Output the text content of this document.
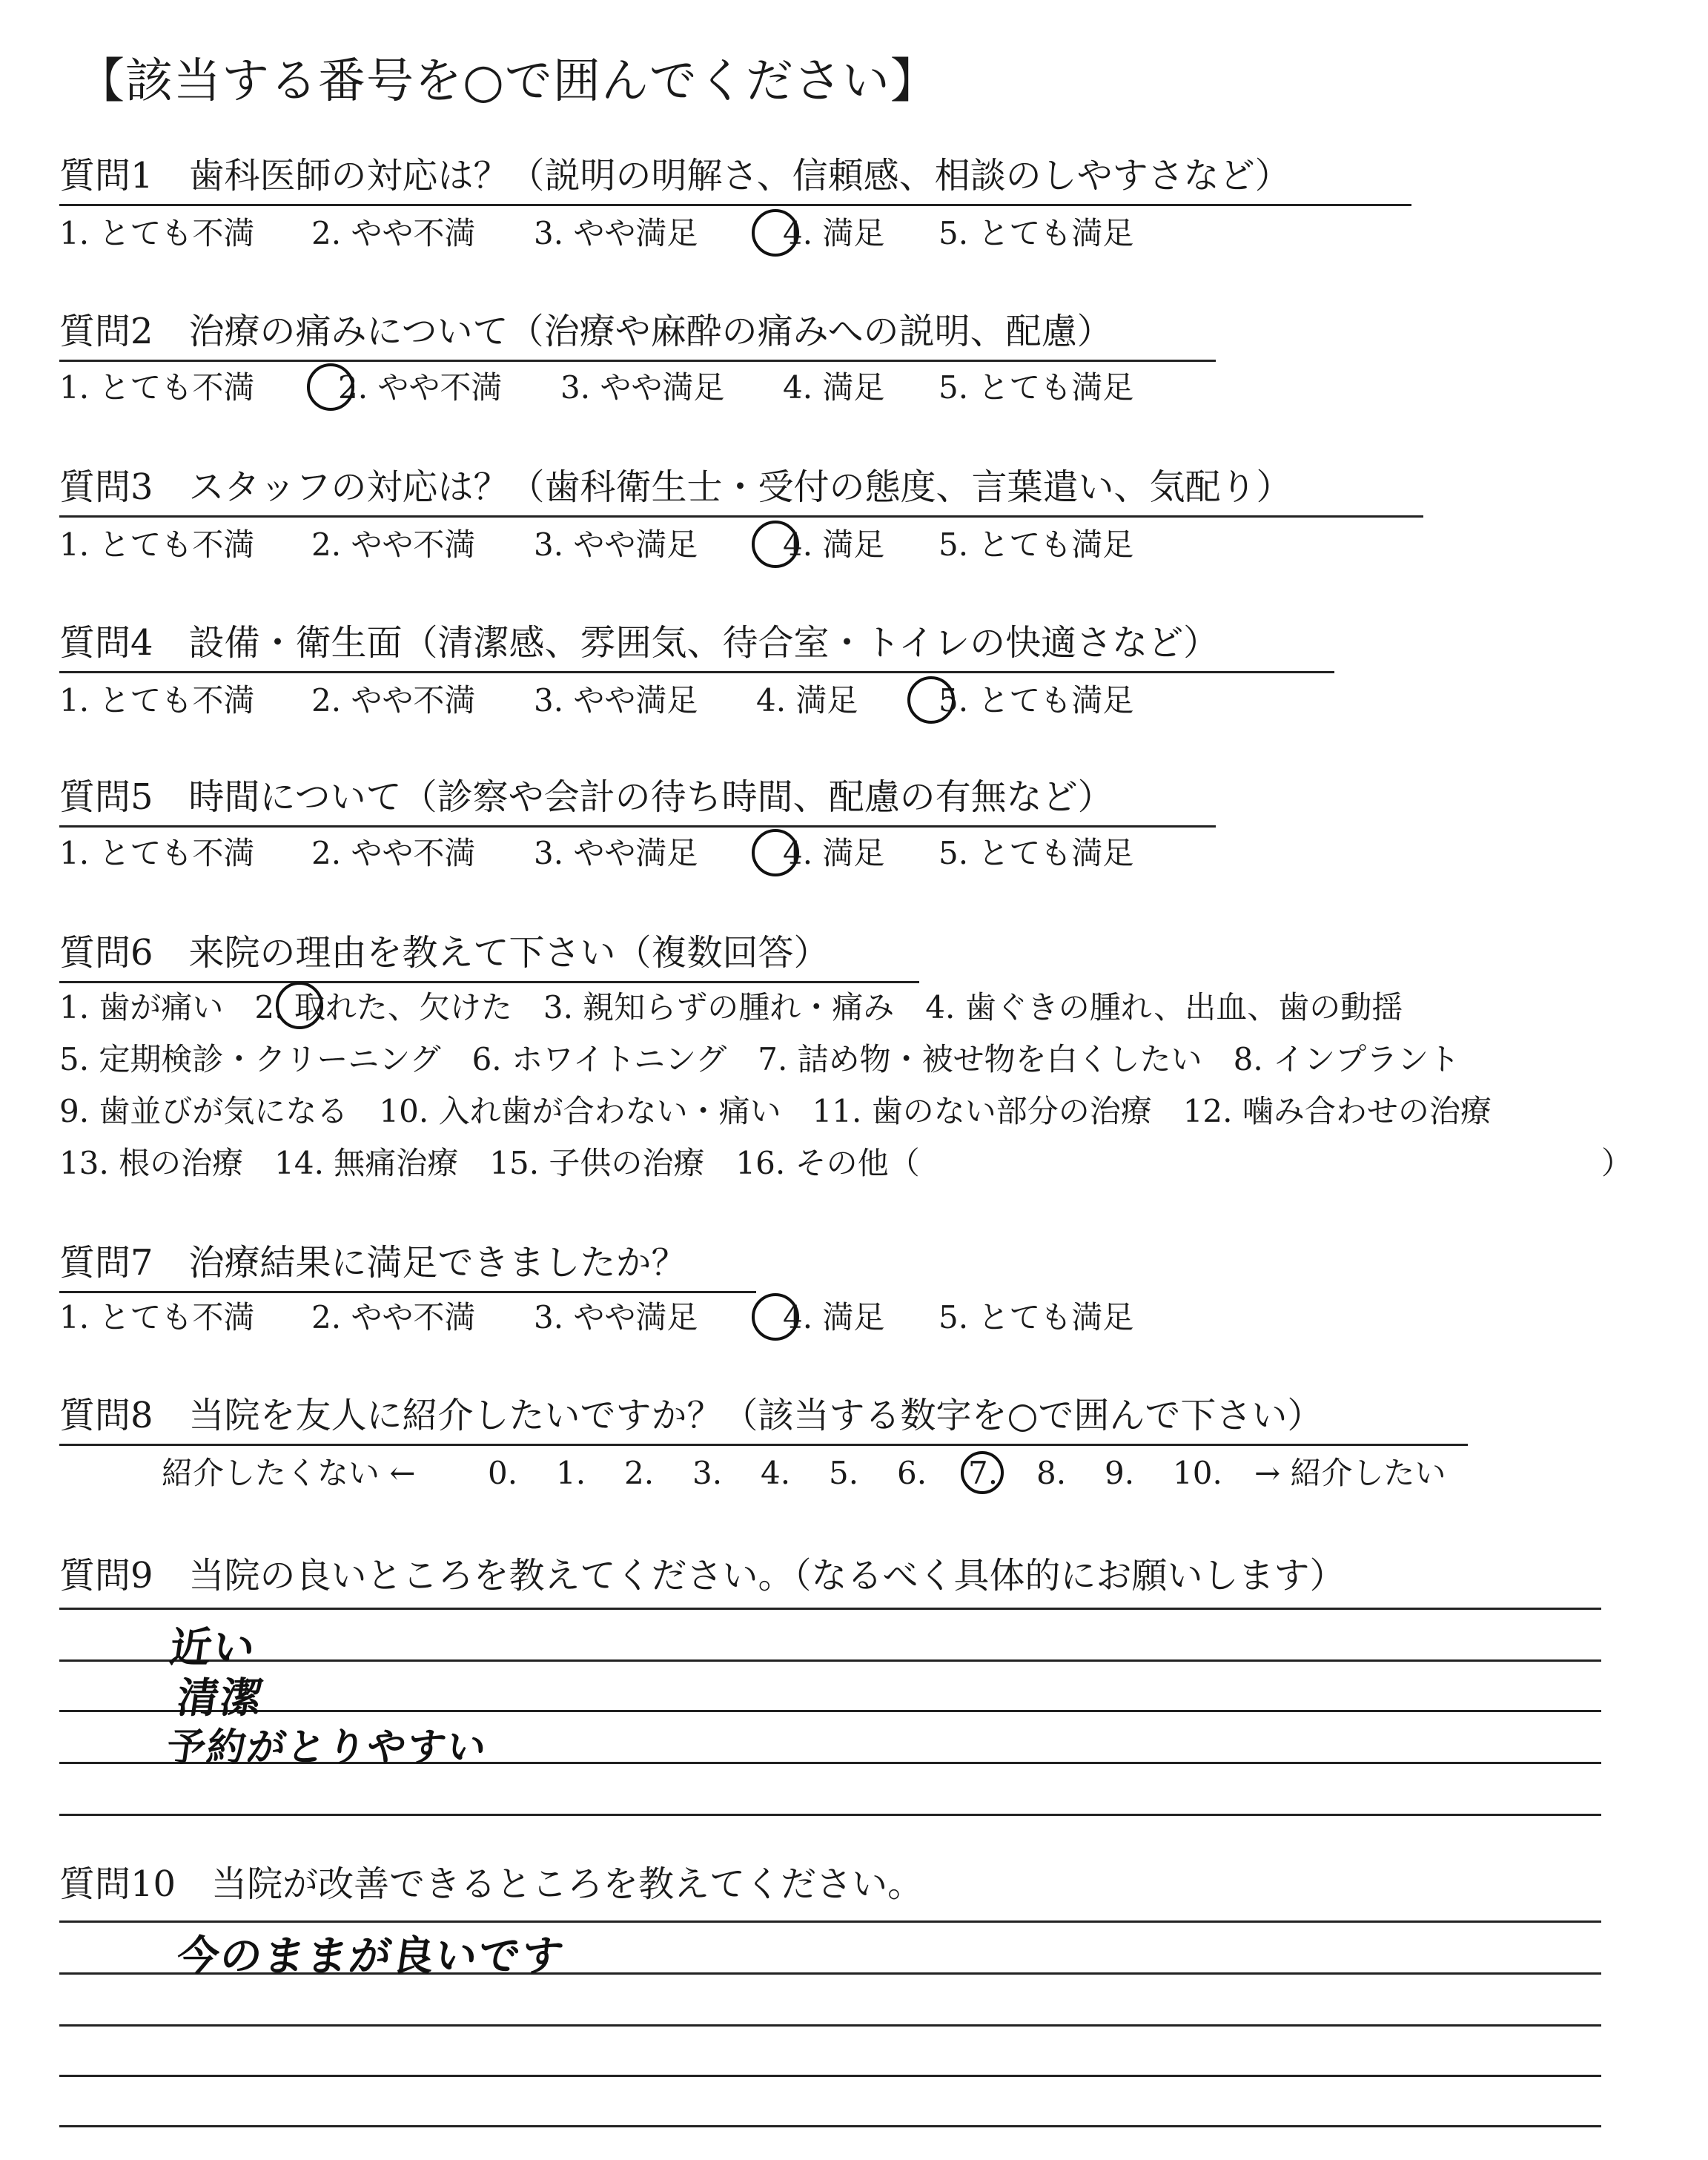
【該当する番号を○で囲んでください】
質問1　歯科医師の対応は？（説明の明解さ、信頼感、相談のしやすさなど）
1. とても不満 2. やや不満 3. やや満足	4. 満足 5. とても満足
質問2　治療の痛みについて（治療や麻酔の痛みへの説明、配慮）
1. とても不満	2. やや不満 3. やや満足 4. 満足 5. とても満足
質問3　スタッフの対応は？（歯科衛生士・受付の態度、言葉遣い、気配り）
1. とても不満 2. やや不満 3. やや満足	4. 満足 5. とても満足
質問4　設備・衛生面（清潔感、雰囲気、待合室・トイレの快適さなど）
1. とても不満 2. やや不満 3. やや満足 4. 満足	5. とても満足
質問5　時間について（診察や会計の待ち時間、配慮の有無など）
1. とても不満 2. やや不満 3. やや満足	4. 満足 5. とても満足
質問6　来院の理由を教えて下さい（複数回答）
1. 歯が痛い　2. 取れた、欠けた　3. 親知らずの腫れ・痛み　4. 歯ぐきの腫れ、出血、歯の動揺
5. 定期検診・クリーニング　6. ホワイトニング　7. 詰め物・被せ物を白くしたい　8. インプラント
9. 歯並びが気になる　10. 入れ歯が合わない・痛い　11. 歯のない部分の治療　12. 噛み合わせの治療
13. 根の治療　14. 無痛治療　15. 子供の治療　16. その他（	）
質問7　治療結果に満足できましたか？
1. とても不満 2. やや不満 3. やや満足	4. 満足 5. とても満足
質問8　当院を友人に紹介したいですか？（該当する数字を○で囲んで下さい）
紹介したくない ← 0. 1. 2. 3. 4. 5. 6. 7. 8. 9. 10. → 紹介したい
質問9　当院の良いところを教えてください。（なるべく具体的にお願いします）
近い
清潔
予約がとりやすい
質問10　当院が改善できるところを教えてください。
今のままが良いです
